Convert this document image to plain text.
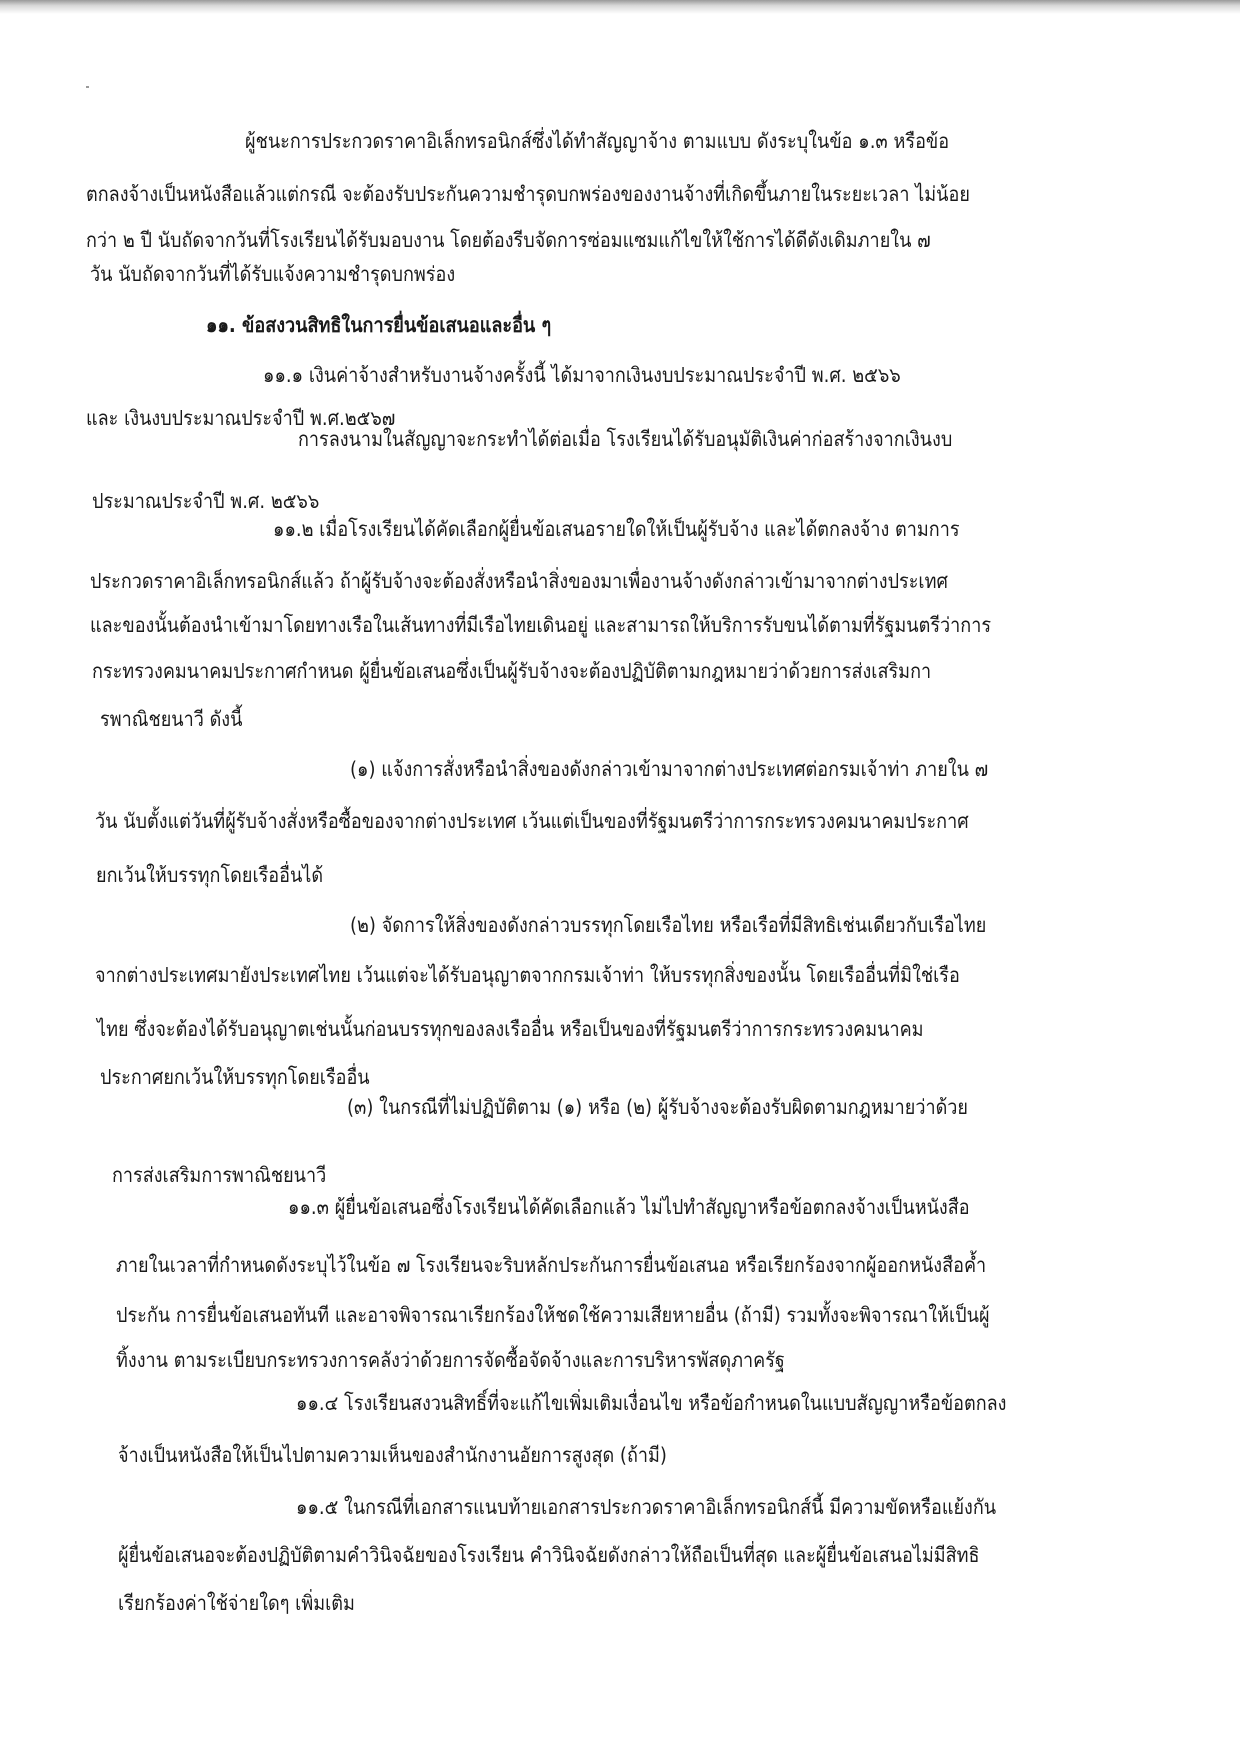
ผู้ชนะการประกวดราคาอิเล็กทรอนิกส์ซึ่งได้ทำสัญญาจ้าง ตามแบบ ดังระบุในข้อ ๑.๓ หรือข้อ
ตกลงจ้างเป็นหนังสือแล้วแต่กรณี จะต้องรับประกันความชำรุดบกพร่องของงานจ้างที่เกิดขึ้นภายในระยะเวลา ไม่น้อย
กว่า ๒ ปี นับถัดจากวันที่โรงเรียนได้รับมอบงาน โดยต้องรีบจัดการซ่อมแซมแก้ไขให้ใช้การได้ดีดังเดิมภายใน ๗
วัน นับถัดจากวันที่ได้รับแจ้งความชำรุดบกพร่อง
๑๑. ข้อสงวนสิทธิในการยื่นข้อเสนอและอื่น ๆ
๑๑.๑ เงินค่าจ้างสำหรับงานจ้างครั้งนี้ ได้มาจากเงินงบประมาณประจำปี พ.ศ. ๒๕๖๖
และ เงินงบประมาณประจำปี พ.ศ.๒๕๖๗
การลงนามในสัญญาจะกระทำได้ต่อเมื่อ โรงเรียนได้รับอนุมัติเงินค่าก่อสร้างจากเงินงบ
ประมาณประจำปี พ.ศ. ๒๕๖๖
๑๑.๒ เมื่อโรงเรียนได้คัดเลือกผู้ยื่นข้อเสนอรายใดให้เป็นผู้รับจ้าง และได้ตกลงจ้าง ตามการ
ประกวดราคาอิเล็กทรอนิกส์แล้ว ถ้าผู้รับจ้างจะต้องสั่งหรือนำสิ่งของมาเพื่องานจ้างดังกล่าวเข้ามาจากต่างประเทศ
และของนั้นต้องนำเข้ามาโดยทางเรือในเส้นทางที่มีเรือไทยเดินอยู่ และสามารถให้บริการรับขนได้ตามที่รัฐมนตรีว่าการ
กระทรวงคมนาคมประกาศกำหนด ผู้ยื่นข้อเสนอซึ่งเป็นผู้รับจ้างจะต้องปฏิบัติตามกฎหมายว่าด้วยการส่งเสริมกา
รพาณิชยนาวี ดังนี้
(๑) แจ้งการสั่งหรือนำสิ่งของดังกล่าวเข้ามาจากต่างประเทศต่อกรมเจ้าท่า ภายใน ๗
วัน นับตั้งแต่วันที่ผู้รับจ้างสั่งหรือซื้อของจากต่างประเทศ เว้นแต่เป็นของที่รัฐมนตรีว่าการกระทรวงคมนาคมประกาศ
ยกเว้นให้บรรทุกโดยเรืออื่นได้
(๒) จัดการให้สิ่งของดังกล่าวบรรทุกโดยเรือไทย หรือเรือที่มีสิทธิเช่นเดียวกับเรือไทย
จากต่างประเทศมายังประเทศไทย เว้นแต่จะได้รับอนุญาตจากกรมเจ้าท่า ให้บรรทุกสิ่งของนั้น โดยเรืออื่นที่มิใช่เรือ
ไทย ซึ่งจะต้องได้รับอนุญาตเช่นนั้นก่อนบรรทุกของลงเรืออื่น หรือเป็นของที่รัฐมนตรีว่าการกระทรวงคมนาคม
ประกาศยกเว้นให้บรรทุกโดยเรืออื่น
(๓) ในกรณีที่ไม่ปฏิบัติตาม (๑) หรือ (๒) ผู้รับจ้างจะต้องรับผิดตามกฎหมายว่าด้วย
การส่งเสริมการพาณิชยนาวี
๑๑.๓ ผู้ยื่นข้อเสนอซึ่งโรงเรียนได้คัดเลือกแล้ว ไม่ไปทำสัญญาหรือข้อตกลงจ้างเป็นหนังสือ
ภายในเวลาที่กำหนดดังระบุไว้ในข้อ ๗ โรงเรียนจะริบหลักประกันการยื่นข้อเสนอ หรือเรียกร้องจากผู้ออกหนังสือค้ำ
ประกัน การยื่นข้อเสนอทันที และอาจพิจารณาเรียกร้องให้ชดใช้ความเสียหายอื่น (ถ้ามี) รวมทั้งจะพิจารณาให้เป็นผู้
ทิ้งงาน ตามระเบียบกระทรวงการคลังว่าด้วยการจัดซื้อจัดจ้างและการบริหารพัสดุภาครัฐ
๑๑.๔ โรงเรียนสงวนสิทธิ์ที่จะแก้ไขเพิ่มเติมเงื่อนไข หรือข้อกำหนดในแบบสัญญาหรือข้อตกลง
จ้างเป็นหนังสือให้เป็นไปตามความเห็นของสำนักงานอัยการสูงสุด (ถ้ามี)
๑๑.๕ ในกรณีที่เอกสารแนบท้ายเอกสารประกวดราคาอิเล็กทรอนิกส์นี้ มีความขัดหรือแย้งกัน
ผู้ยื่นข้อเสนอจะต้องปฏิบัติตามคำวินิจฉัยของโรงเรียน คำวินิจฉัยดังกล่าวให้ถือเป็นที่สุด และผู้ยื่นข้อเสนอไม่มีสิทธิ
เรียกร้องค่าใช้จ่ายใดๆ เพิ่มเติม
